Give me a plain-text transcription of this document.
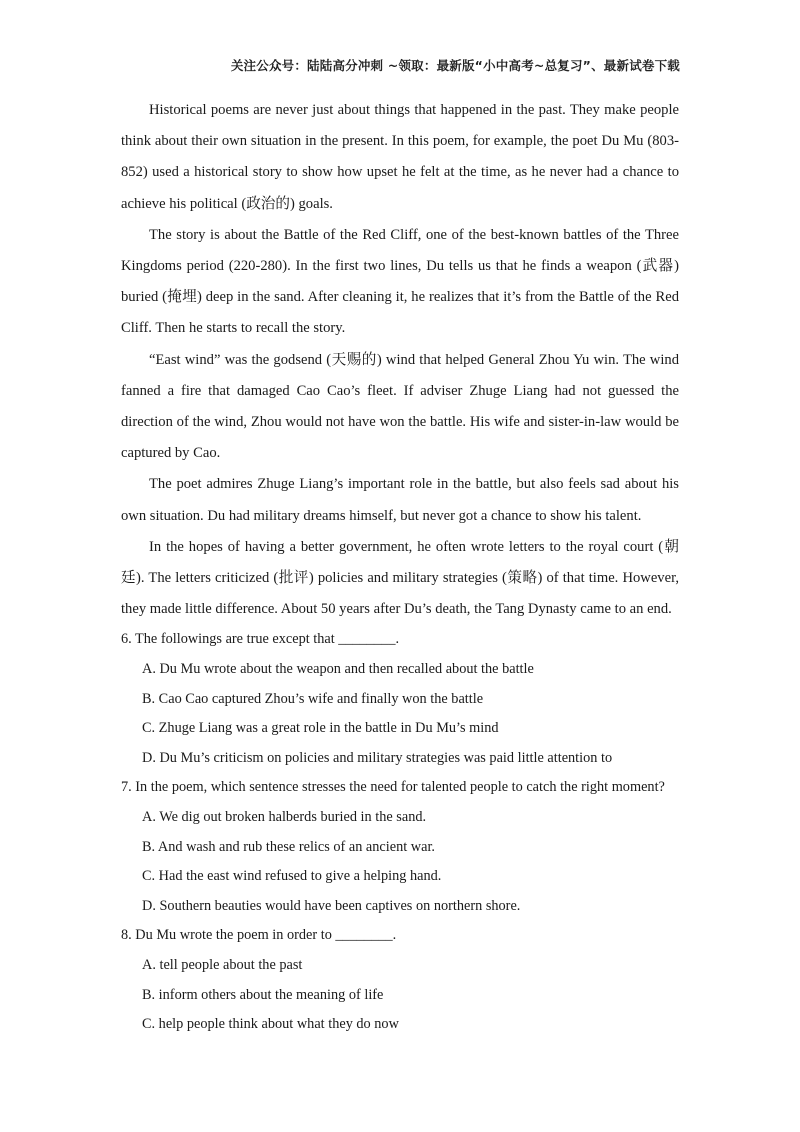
关注公众号：陆陆高分冲刺 ~领取：最新版“小中高考~总复习”、最新试卷下载

Historical poems are never just about things that happened in the past. They make people think about their own situation in the present. In this poem, for example, the poet Du Mu (803-852) used a historical story to show how upset he felt at the time, as he never had a chance to achieve his political (政治的) goals.

The story is about the Battle of the Red Cliff, one of the best-known battles of the Three Kingdoms period (220-280). In the first two lines, Du tells us that he finds a weapon (武器) buried (掩埋) deep in the sand. After cleaning it, he realizes that it’s from the Battle of the Red Cliff. Then he starts to recall the story.

“East wind” was the godsend (天赐的) wind that helped General Zhou Yu win. The wind fanned a fire that damaged Cao Cao’s fleet. If adviser Zhuge Liang had not guessed the direction of the wind, Zhou would not have won the battle. His wife and sister-in-law would be captured by Cao.

The poet admires Zhuge Liang’s important role in the battle, but also feels sad about his own situation. Du had military dreams himself, but never got a chance to show his talent.

In the hopes of having a better government, he often wrote letters to the royal court (朝廷). The letters criticized (批评) policies and military strategies (策略) of that time. However, they made little difference. About 50 years after Du’s death, the Tang Dynasty came to an end.

6. The followings are true except that ________.

A. Du Mu wrote about the weapon and then recalled about the battle

B. Cao Cao captured Zhou’s wife and finally won the battle

C. Zhuge Liang was a great role in the battle in Du Mu’s mind

D. Du Mu’s criticism on policies and military strategies was paid little attention to

7. In the poem, which sentence stresses the need for talented people to catch the right moment?

A. We dig out broken halberds buried in the sand.

B. And wash and rub these relics of an ancient war.

C. Had the east wind refused to give a helping hand.

D. Southern beauties would have been captives on northern shore.

8. Du Mu wrote the poem in order to ________.

A. tell people about the past

B. inform others about the meaning of life

C. help people think about what they do now
